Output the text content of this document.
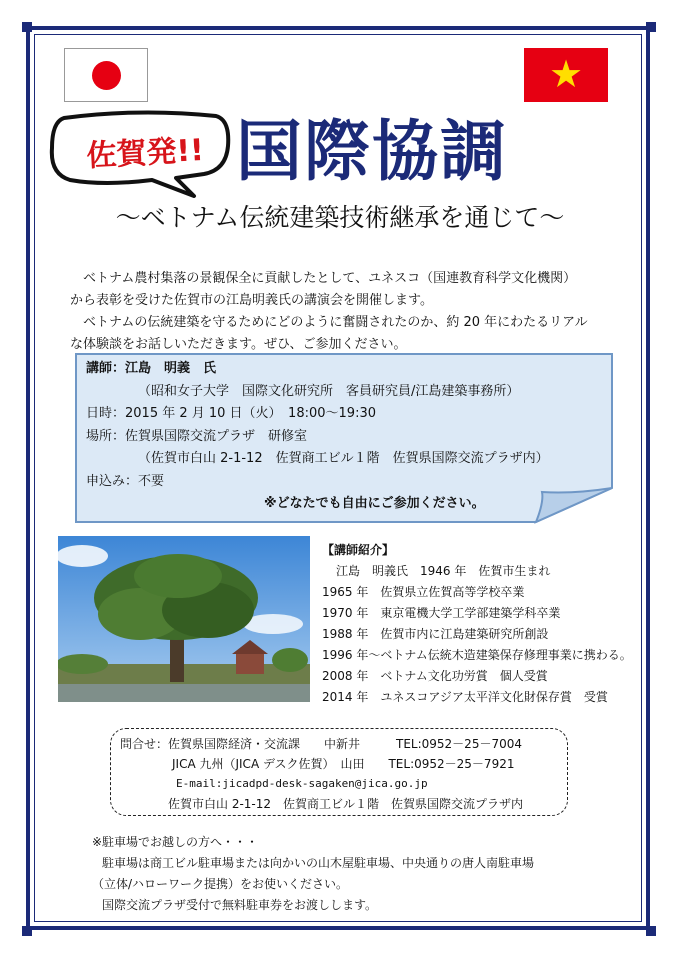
★
佐賀発!! 国際協調
～ベトナム伝統建築技術継承を通じて～

　ベトナム農村集落の景観保全に貢献したとして、ユネスコ（国連教育科学文化機関）

から表彰を受けた佐賀市の江島明義氏の講演会を開催します。

　ベトナムの伝統建築を守るためにどのように奮闘されたのか、約 20 年にわたるリアル

な体験談をお話しいただきます。ぜひ、ご参加ください。

講師：江島　明義　氏
（昭和女子大学　国際文化研究所　客員研究員/江島建築事務所）
日時：2015 年 2 月 10 日（火）　18:00～19:30
場所：佐賀県国際交流プラザ　研修室
（佐賀市白山 2-1-12　佐賀商工ビル１階　佐賀県国際交流プラザ内）
申込み：不要
※どなたでも自由にご参加ください。
【講師紹介】
江島　明義氏　1946 年　佐賀市生まれ
1965 年　佐賀県立佐賀高等学校卒業
1970 年　東京電機大学工学部建築学科卒業
1988 年　佐賀市内に江島建築研究所創設
1996 年～ベトナム伝統木造建築保存修理事業に携わる。
2008 年　ベトナム文化功労賞　個人受賞
2014 年　ユネスコアジア太平洋文化財保存賞　受賞
問合せ：佐賀県国際経済・交流課　　中新井　　　TEL:0952－25－7004
JICA 九州（JICA デスク佐賀）　山田　　TEL:0952－25－7921
E-mail:jicadpd-desk-sagaken@jica.go.jp
佐賀市白山 2-1-12　佐賀商工ビル１階　佐賀県国際交流プラザ内
※駐車場でお越しの方へ・・・
駐車場は商工ビル駐車場または向かいの山木屋駐車場、中央通りの唐人南駐車場
（立体/ハローワーク提携）をお使いください。
国際交流プラザ受付で無料駐車券をお渡しします。
